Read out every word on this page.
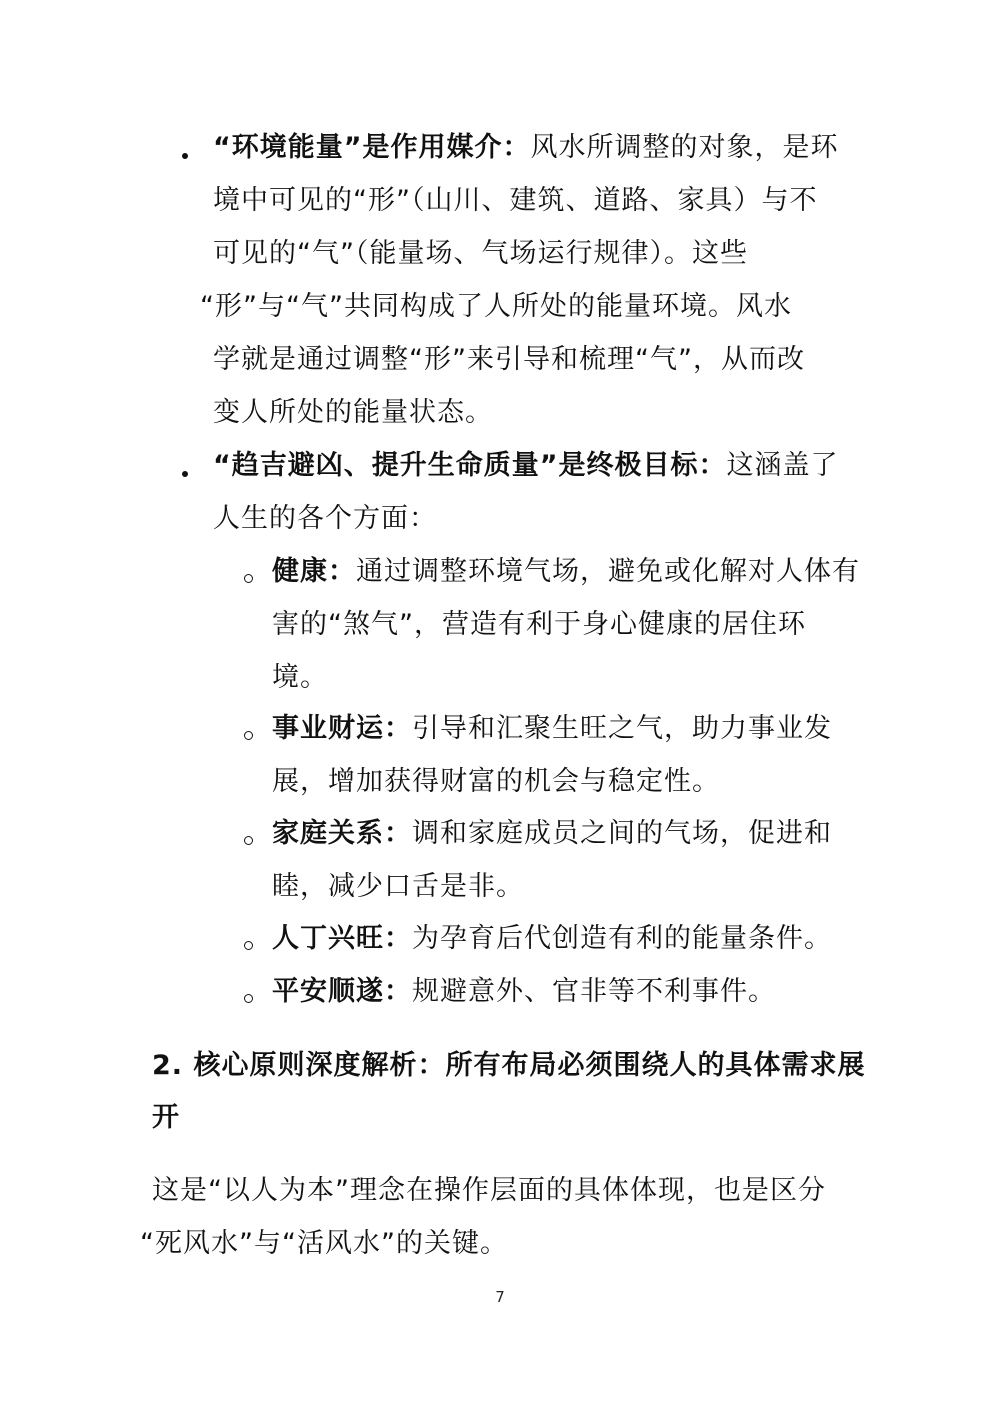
“环境能量”是作用媒介：风水所调整的对象，是环
境中可见的“形”（山川、建筑、道路、家具）与不
可见的“气”（能量场、气场运行规律）。这些
“形”与“气”共同构成了人所处的能量环境。风水
学就是通过调整“形”来引导和梳理“气”，从而改
变人所处的能量状态。
“趋吉避凶、提升生命质量”是终极目标：这涵盖了
人生的各个方面：
健康：通过调整环境气场，避免或化解对人体有
害的“煞气”，营造有利于身心健康的居住环
境。
事业财运：引导和汇聚生旺之气，助力事业发
展，增加获得财富的机会与稳定性。
家庭关系：调和家庭成员之间的气场，促进和
睦，减少口舌是非。
人丁兴旺：为孕育后代创造有利的能量条件。
平安顺遂：规避意外、官非等不利事件。
2. 核心原则深度解析：所有布局必须围绕人的具体需求展
开
这是“以人为本”理念在操作层面的具体体现，也是区分
“死风水”与“活风水”的关键。
7
